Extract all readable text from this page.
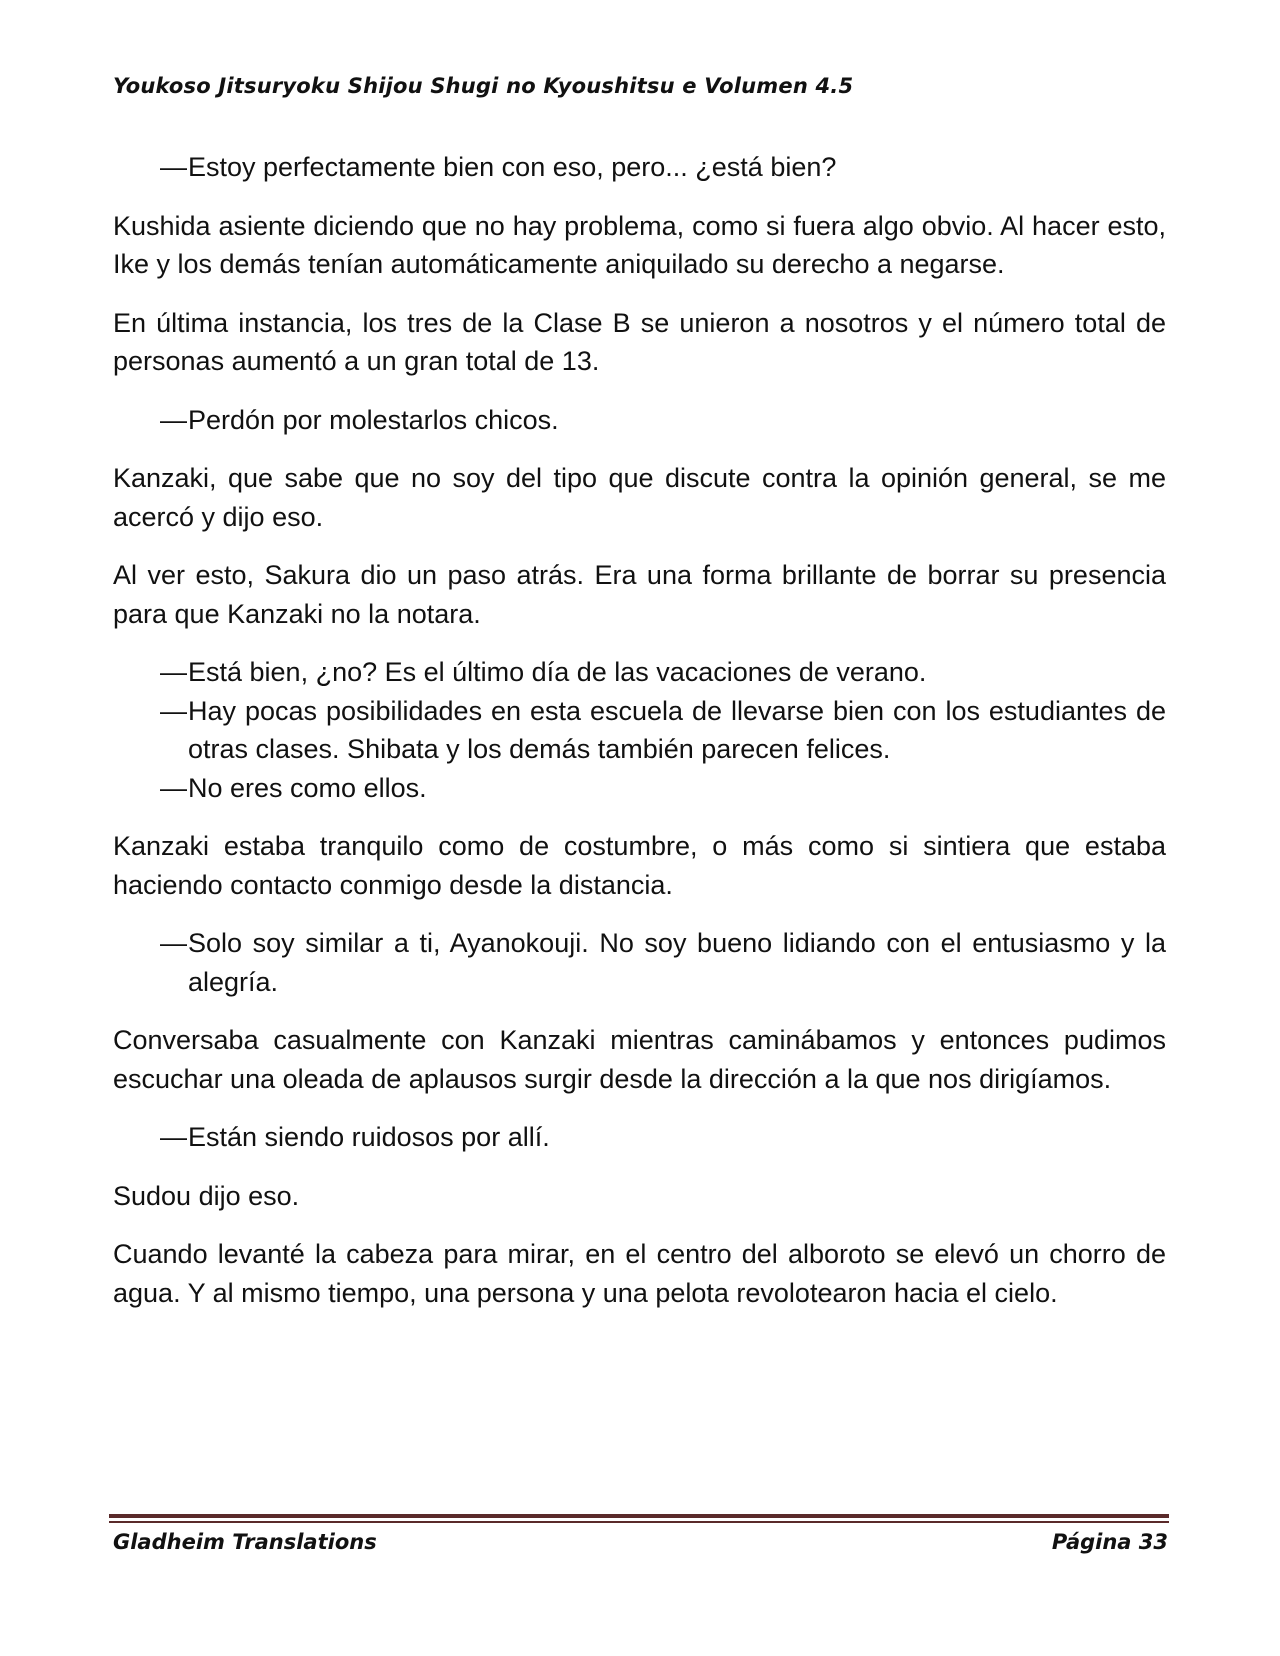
Youkoso Jitsuryoku Shijou Shugi no Kyoushitsu e Volumen 4.5
—
Estoy perfectamente bien con eso, pero... ¿está bien?

Kushida asiente diciendo que no hay problema, como si fuera algo obvio. Al hacer esto, Ike y los demás tenían automáticamente aniquilado su derecho a negarse.

En última instancia, los tres de la Clase B se unieron a nosotros y el número total de personas aumentó a un gran total de 13.

—
Perdón por molestarlos chicos.

Kanzaki, que sabe que no soy del tipo que discute contra la opinión general, se me acercó y dijo eso.

Al ver esto, Sakura dio un paso atrás. Era una forma brillante de borrar su presencia para que Kanzaki no la notara.

—
Está bien, ¿no? Es el último día de las vacaciones de verano.
—
Hay pocas posibilidades en esta escuela de llevarse bien con los estudiantes de otras clases. Shibata y los demás también parecen felices.
—
No eres como ellos.

Kanzaki estaba tranquilo como de costumbre, o más como si sintiera que estaba haciendo contacto conmigo desde la distancia.

—
Solo soy similar a ti, Ayanokouji. No soy bueno lidiando con el entusiasmo y la alegría.

Conversaba casualmente con Kanzaki mientras caminábamos y entonces pudimos escuchar una oleada de aplausos surgir desde la dirección a la que nos dirigíamos.

—
Están siendo ruidosos por allí.

Sudou dijo eso.

Cuando levanté la cabeza para mirar, en el centro del alboroto se elevó un chorro de agua. Y al mismo tiempo, una persona y una pelota revolotearon hacia el cielo.

Gladheim Translations	Página 33
